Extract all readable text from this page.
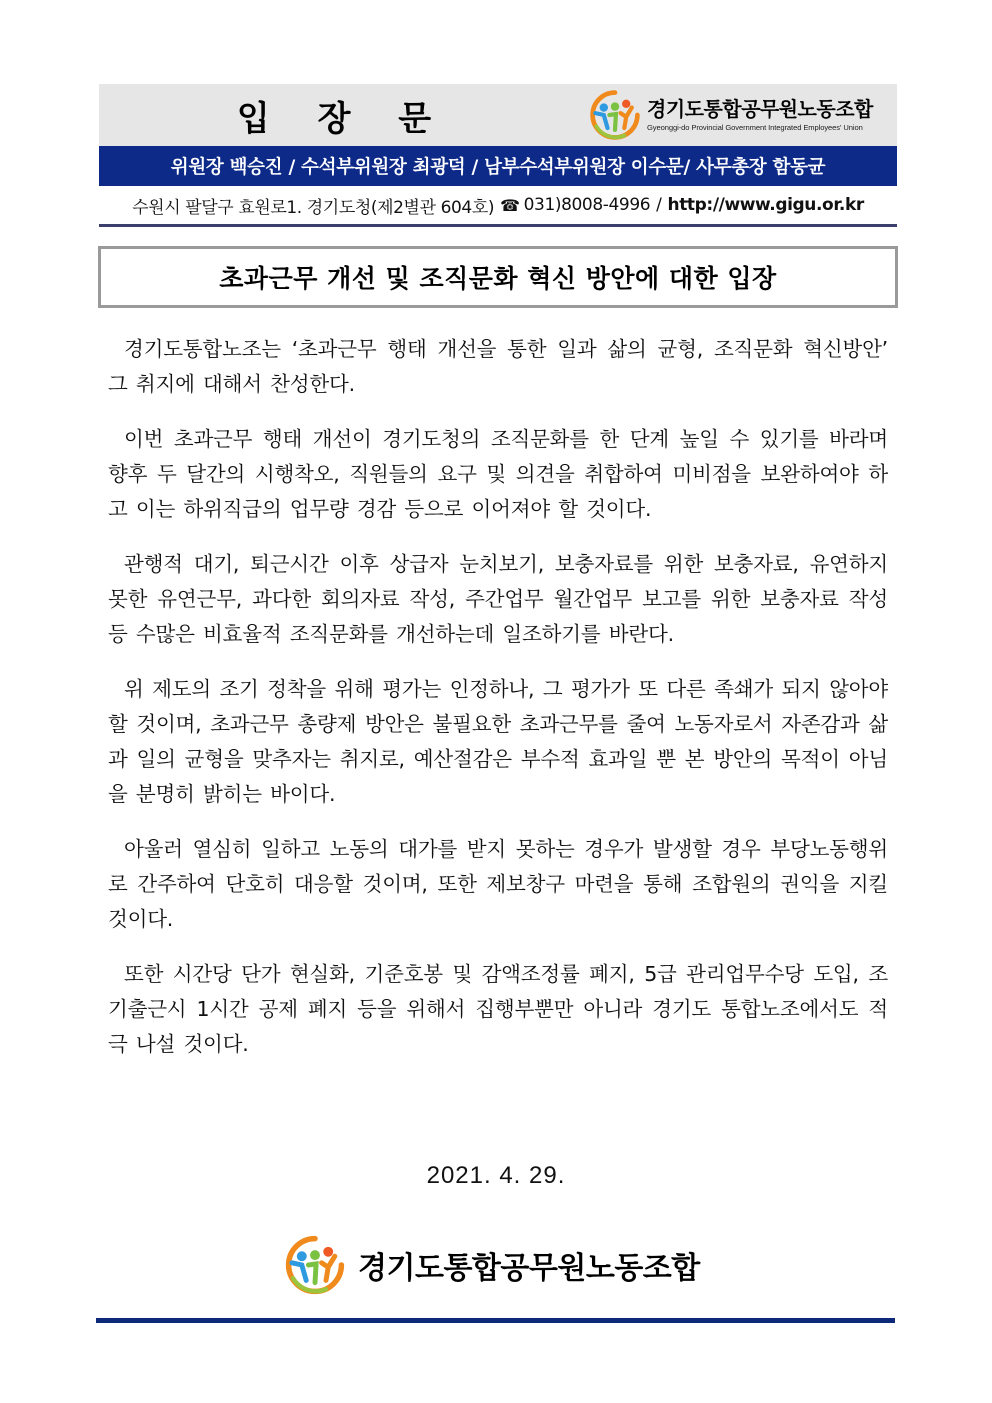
입 장 문	경기도통합공무원노동조합
Gyeonggi-do Provincial Government Integrated Employees' Union
위원장 백승진 / 수석부위원장 최광덕 / 남부수석부위원장 이수문/ 사무총장 함동균
수원시 팔달구 효원로1. 경기도청(제2별관 604호) ☎ 031)8008-4996 / http://www.gigu.or.kr
초과근무 개선 및 조직문화 혁신 방안에 대한 입장

경기도통합노조는 ‘초과근무 행태 개선을 통한 일과 삶의 균형, 조직문화 혁신방안’ 그 취지에 대해서 찬성한다.

이번 초과근무 행태 개선이 경기도청의 조직문화를 한 단계 높일 수 있기를 바라며 향후 두 달간의 시행착오, 직원들의 요구 및 의견을 취합하여 미비점을 보완하여야 하고 이는 하위직급의 업무량 경감 등으로 이어져야 할 것이다.

관행적 대기, 퇴근시간 이후 상급자 눈치보기, 보충자료를 위한 보충자료, 유연하지 못한 유연근무, 과다한 회의자료 작성, 주간업무 월간업무 보고를 위한 보충자료 작성 등 수많은 비효율적 조직문화를 개선하는데 일조하기를 바란다.

위 제도의 조기 정착을 위해 평가는 인정하나, 그 평가가 또 다른 족쇄가 되지 않아야 할 것이며, 초과근무 총량제 방안은 불필요한 초과근무를 줄여 노동자로서 자존감과 삶과 일의 균형을 맞추자는 취지로, 예산절감은 부수적 효과일 뿐 본 방안의 목적이 아님을 분명히 밝히는 바이다.

아울러 열심히 일하고 노동의 대가를 받지 못하는 경우가 발생할 경우 부당노동행위로 간주하여 단호히 대응할 것이며, 또한 제보창구 마련을 통해 조합원의 권익을 지킬 것이다.

또한 시간당 단가 현실화, 기준호봉 및 감액조정률 폐지, 5급 관리업무수당 도입, 조기출근시 1시간 공제 폐지 등을 위해서 집행부뿐만 아니라 경기도 통합노조에서도 적극 나설 것이다.

2021. 4. 29.
경기도통합공무원노동조합
